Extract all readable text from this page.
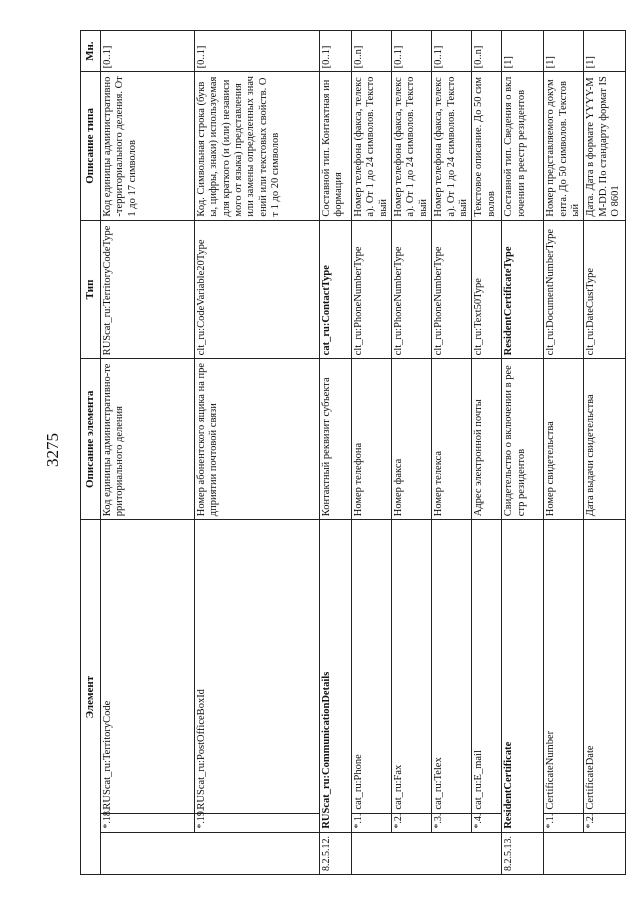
3275
Элемент			Описание элемента	Тип	Описание типа	Мн.
	*.18.	RUScat_ru:TerritoryCode	Код единицы административно-территориального деления	RUScat_ru:TerritoryCodeType	Код единицы административно-территориального деления. От 1 до 17 символов	[0..1]
	*.19.	RUScat_ru:PostOfficeBoxId	Номер абонентского ящика на предприятии почтовой связи	clt_ru:CodeVariable20Type	Код. Символьная строка (буквы, цифры, знаки) используемая для краткого (и (или) независимого от языка) представления или замены определенных значений или текстовых свойств. От 1 до 20 символов	[0..1]
8.2.5.12.	RUScat_ru:CommunicationDetails		Контактный реквизит субъекта	cat_ru:ContactType	Составной тип. Контактная информация	[0..1]
	*.1.	cat_ru:Phone	Номер телефона	clt_ru:PhoneNumberType	Номер телефона (факса, телекса). От 1 до 24 символов. Текстовый	[0..n]
	*.2.	cat_ru:Fax	Номер факса	clt_ru:PhoneNumberType	Номер телефона (факса, телекса). От 1 до 24 символов. Текстовый	[0..1]
	*.3.	cat_ru:Telex	Номер телекса	clt_ru:PhoneNumberType	Номер телефона (факса, телекса). От 1 до 24 символов. Текстовый	[0..1]
	*.4.	cat_ru:E_mail	Адрес электронной почты	clt_ru:Text50Type	Текстовое описание. До 50 символов	[0..n]
8.2.5.13.	ResidentCertificate		Свидетельство о включении в реестр резидентов	ResidentCertificateType	Составной тип. Сведения о включении в реестр резидентов	[1]
	*.1.	CertificateNumber	Номер свидетельства	clt_ru:DocumentNumberType	Номер представляемого документа. До 50 символов. Текстовый	[1]
	*.2.	CertificateDate	Дата выдачи свидетельства	clt_ru:DateCustType	Дата. Дата в формате YYYY-MM-DD. По стандарту формат ISO 8601	[1]
